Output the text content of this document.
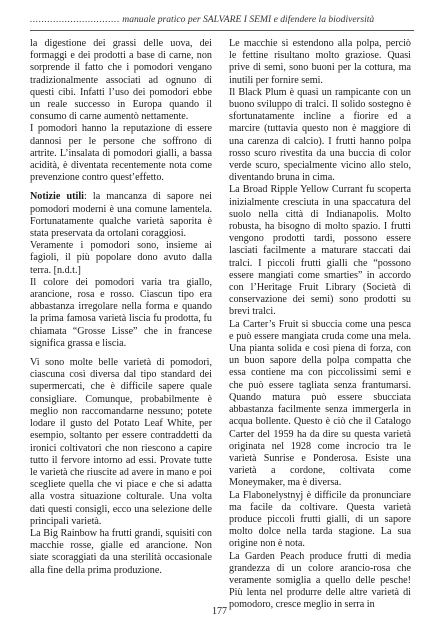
............................... manuale pratico per SALVARE I SEMI e difendere la biodiversità

la digestione dei grassi delle uova, dei formaggi e dei prodotti a base di carne, non sorprende il fatto che i pomodori vengano tradizionalmente associati ad ognuno di questi cibi. Infatti l’uso dei pomodori ebbe un reale successo in Europa quando il consumo di carne aumentò nettamente.

I pomodori hanno la reputazione di essere dannosi per le persone che soffrono di artrite. L’insalata di pomodori gialli, a bassa acidità, è diventata recentemente nota come prevenzione contro quest’effetto.

Notizie utili: la mancanza di sapore nei pomodori moderni è una comune lamentela. Fortunatamente qualche varietà saporita è stata preservata da ortolani coraggiosi.

Veramente i pomodori sono, insieme ai fagioli, il più popolare dono avuto dalla terra. [n.d.t.]

Il colore dei pomodori varia tra giallo, arancione, rosa e rosso. Ciascun tipo era abbastanza irregolare nella forma e quando la prima famosa varietà liscia fu prodotta, fu chiamata “Grosse Lisse” che in francese significa grassa e liscia.

Vi sono molte belle varietà di pomodori, ciascuna così diversa dal tipo standard dei supermercati, che è difficile sapere quale consigliare. Comunque, probabilmente è meglio non raccomandarne nessuno; potete lodare il gusto del Potato Leaf White, per esempio, soltanto per essere contraddetti da ironici coltivatori che non riescono a capire tutto il fervore intorno ad essi. Provate tutte le varietà che riuscite ad avere in mano e poi scegliete quella che vi piace e che si adatta alla vostra situazione colturale. Una volta dati questi consigli, ecco una selezione delle principali varietà.

La Big Rainbow ha frutti grandi, squisiti con macchie rosse, gialle ed arancione. Non siate scoraggiati da una sterilità occasionale alla fine della prima produzione.

Le macchie si estendono alla polpa, perciò le fettine risultano molto graziose. Quasi prive di semi, sono buoni per la cottura, ma inutili per fornire semi.

Il Black Plum è quasi un rampicante con un buono sviluppo di tralci. Il solido sostegno è sfortunatamente incline a fiorire ed a marcire (tuttavia questo non è maggiore di una carenza di calcio). I frutti hanno polpa rosso scuro rivestita da una buccia di color verde scuro, specialmente vicino allo stelo, diventando bruna in cima.

La Broad Ripple Yellow Currant fu scoperta inizialmente cresciuta in una spaccatura del suolo nella città di Indianapolis. Molto robusta, ha bisogno di molto spazio. I frutti vengono prodotti tardi, possono essere lasciati facilmente a maturare staccati dai tralci. I piccoli frutti gialli che “possono essere mangiati come smarties” in accordo con l’Heritage Fruit Library (Società di conservazione dei semi) sono prodotti su brevi tralci.

La Carter’s Fruit si sbuccia come una pesca e può essere mangiata cruda come una mela. Una pianta solida e così piena di forza, con un buon sapore della polpa compatta che essa contiene ma con piccolissimi semi e che può essere tagliata senza frantumarsi. Quando matura può essere sbucciata abbastanza facilmente senza immergerla in acqua bollente. Questo è ciò che il Catalogo Carter del 1959 ha da dire su questa varietà originata nel 1928 come incrocio tra le varietà Sunrise e Ponderosa. Esiste una varietà a cordone, coltivata come Moneymaker, ma è diversa.

La Flabonelystnyj è difficile da pronunciare ma facile da coltivare. Questa varietà produce piccoli frutti gialli, di un sapore molto dolce nella tarda stagione. La sua origine non è nota.

La Garden Peach produce frutti di media grandezza di un colore arancio-rosa che veramente somiglia a quello delle pesche! Più lenta nel produrre delle altre varietà di pomodoro, cresce meglio in serra in

177
